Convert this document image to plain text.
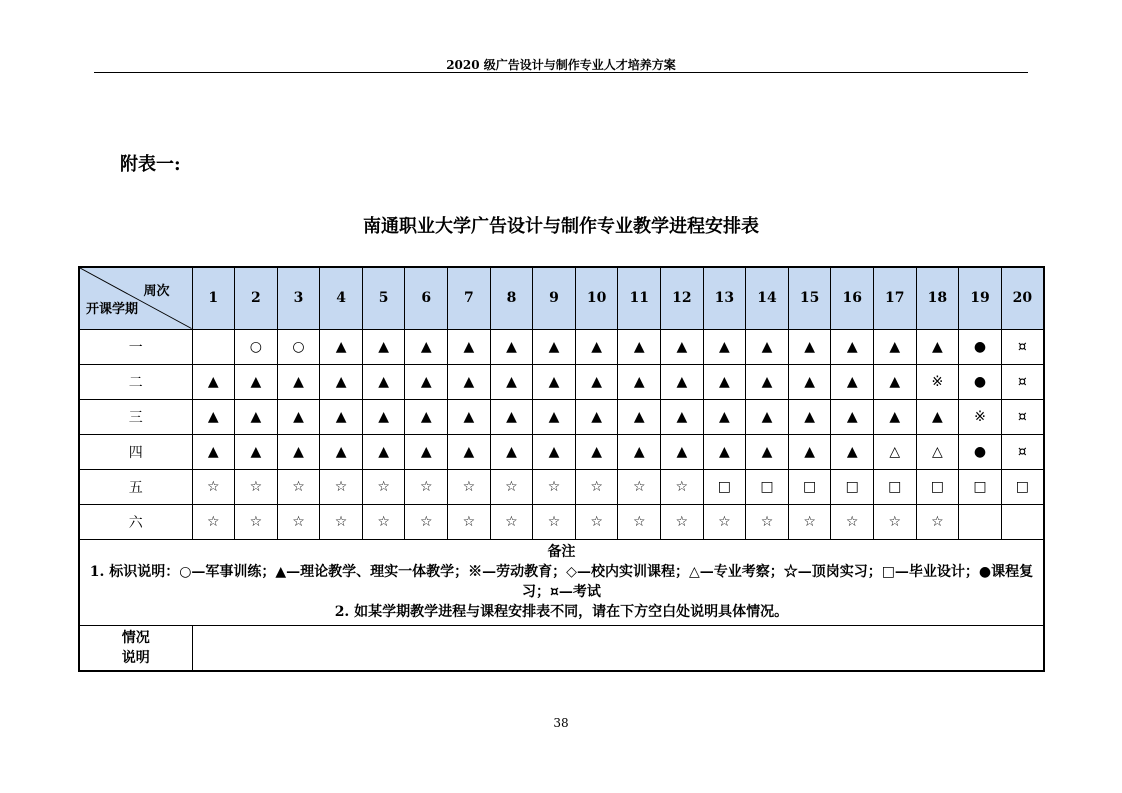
2020 级广告设计与制作专业人才培养方案
附表一:
南通职业大学广告设计与制作专业教学进程安排表
周次
开课学期	1	2	3	4	5	6	7	8	9	10	11	12	13	14	15	16	17	18	19	20
一		○	○	▲	▲	▲	▲	▲	▲	▲	▲	▲	▲	▲	▲	▲	▲	▲	●	¤
二	▲	▲	▲	▲	▲	▲	▲	▲	▲	▲	▲	▲	▲	▲	▲	▲	▲	※	●	¤
三	▲	▲	▲	▲	▲	▲	▲	▲	▲	▲	▲	▲	▲	▲	▲	▲	▲	▲	※	¤
四	▲	▲	▲	▲	▲	▲	▲	▲	▲	▲	▲	▲	▲	▲	▲	▲	△	△	●	¤
五	☆	☆	☆	☆	☆	☆	☆	☆	☆	☆	☆	☆	□	□	□	□	□	□	□	□
六	☆	☆	☆	☆	☆	☆	☆	☆	☆	☆	☆	☆	☆	☆	☆	☆	☆	☆		

备注
1. 标识说明：○—军事训练；▲—理论教学、理实一体教学；※—劳动教育；◇—校内实训课程；△—专业考察；☆—顶岗实习；□—毕业设计；●课程复
习；¤—考试
2. 如某学期教学进程与课程安排表不同，请在下方空白处说明具体情况。																				

情况
说明																				

38
